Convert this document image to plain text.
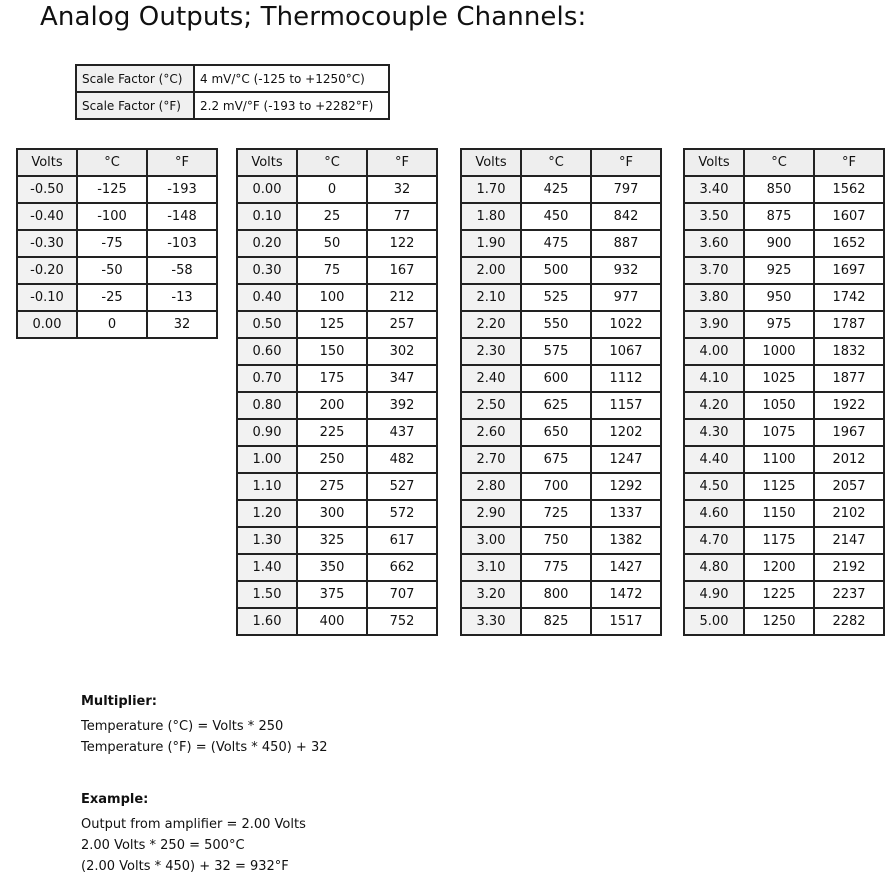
Analog Outputs; Thermocouple Channels:
Scale Factor (°C)	4 mV/°C (-125 to +1250°C)
Scale Factor (°F)	2.2 mV/°F (-193 to +2282°F)
Volts	°C	°F
-0.50	-125	-193
-0.40	-100	-148
-0.30	-75	-103
-0.20	-50	-58
-0.10	-25	-13
0.00	0	32
Volts	°C	°F
0.00	0	32
0.10	25	77
0.20	50	122
0.30	75	167
0.40	100	212
0.50	125	257
0.60	150	302
0.70	175	347
0.80	200	392
0.90	225	437
1.00	250	482
1.10	275	527
1.20	300	572
1.30	325	617
1.40	350	662
1.50	375	707
1.60	400	752
Volts	°C	°F
1.70	425	797
1.80	450	842
1.90	475	887
2.00	500	932
2.10	525	977
2.20	550	1022
2.30	575	1067
2.40	600	1112
2.50	625	1157
2.60	650	1202
2.70	675	1247
2.80	700	1292
2.90	725	1337
3.00	750	1382
3.10	775	1427
3.20	800	1472
3.30	825	1517
Volts	°C	°F
3.40	850	1562
3.50	875	1607
3.60	900	1652
3.70	925	1697
3.80	950	1742
3.90	975	1787
4.00	1000	1832
4.10	1025	1877
4.20	1050	1922
4.30	1075	1967
4.40	1100	2012
4.50	1125	2057
4.60	1150	2102
4.70	1175	2147
4.80	1200	2192
4.90	1225	2237
5.00	1250	2282
Multiplier:
Temperature (°C) = Volts * 250
Temperature (°F) = (Volts * 450) + 32
Example:
Output from amplifier = 2.00 Volts
2.00 Volts * 250 = 500°C
(2.00 Volts * 450) + 32 = 932°F
